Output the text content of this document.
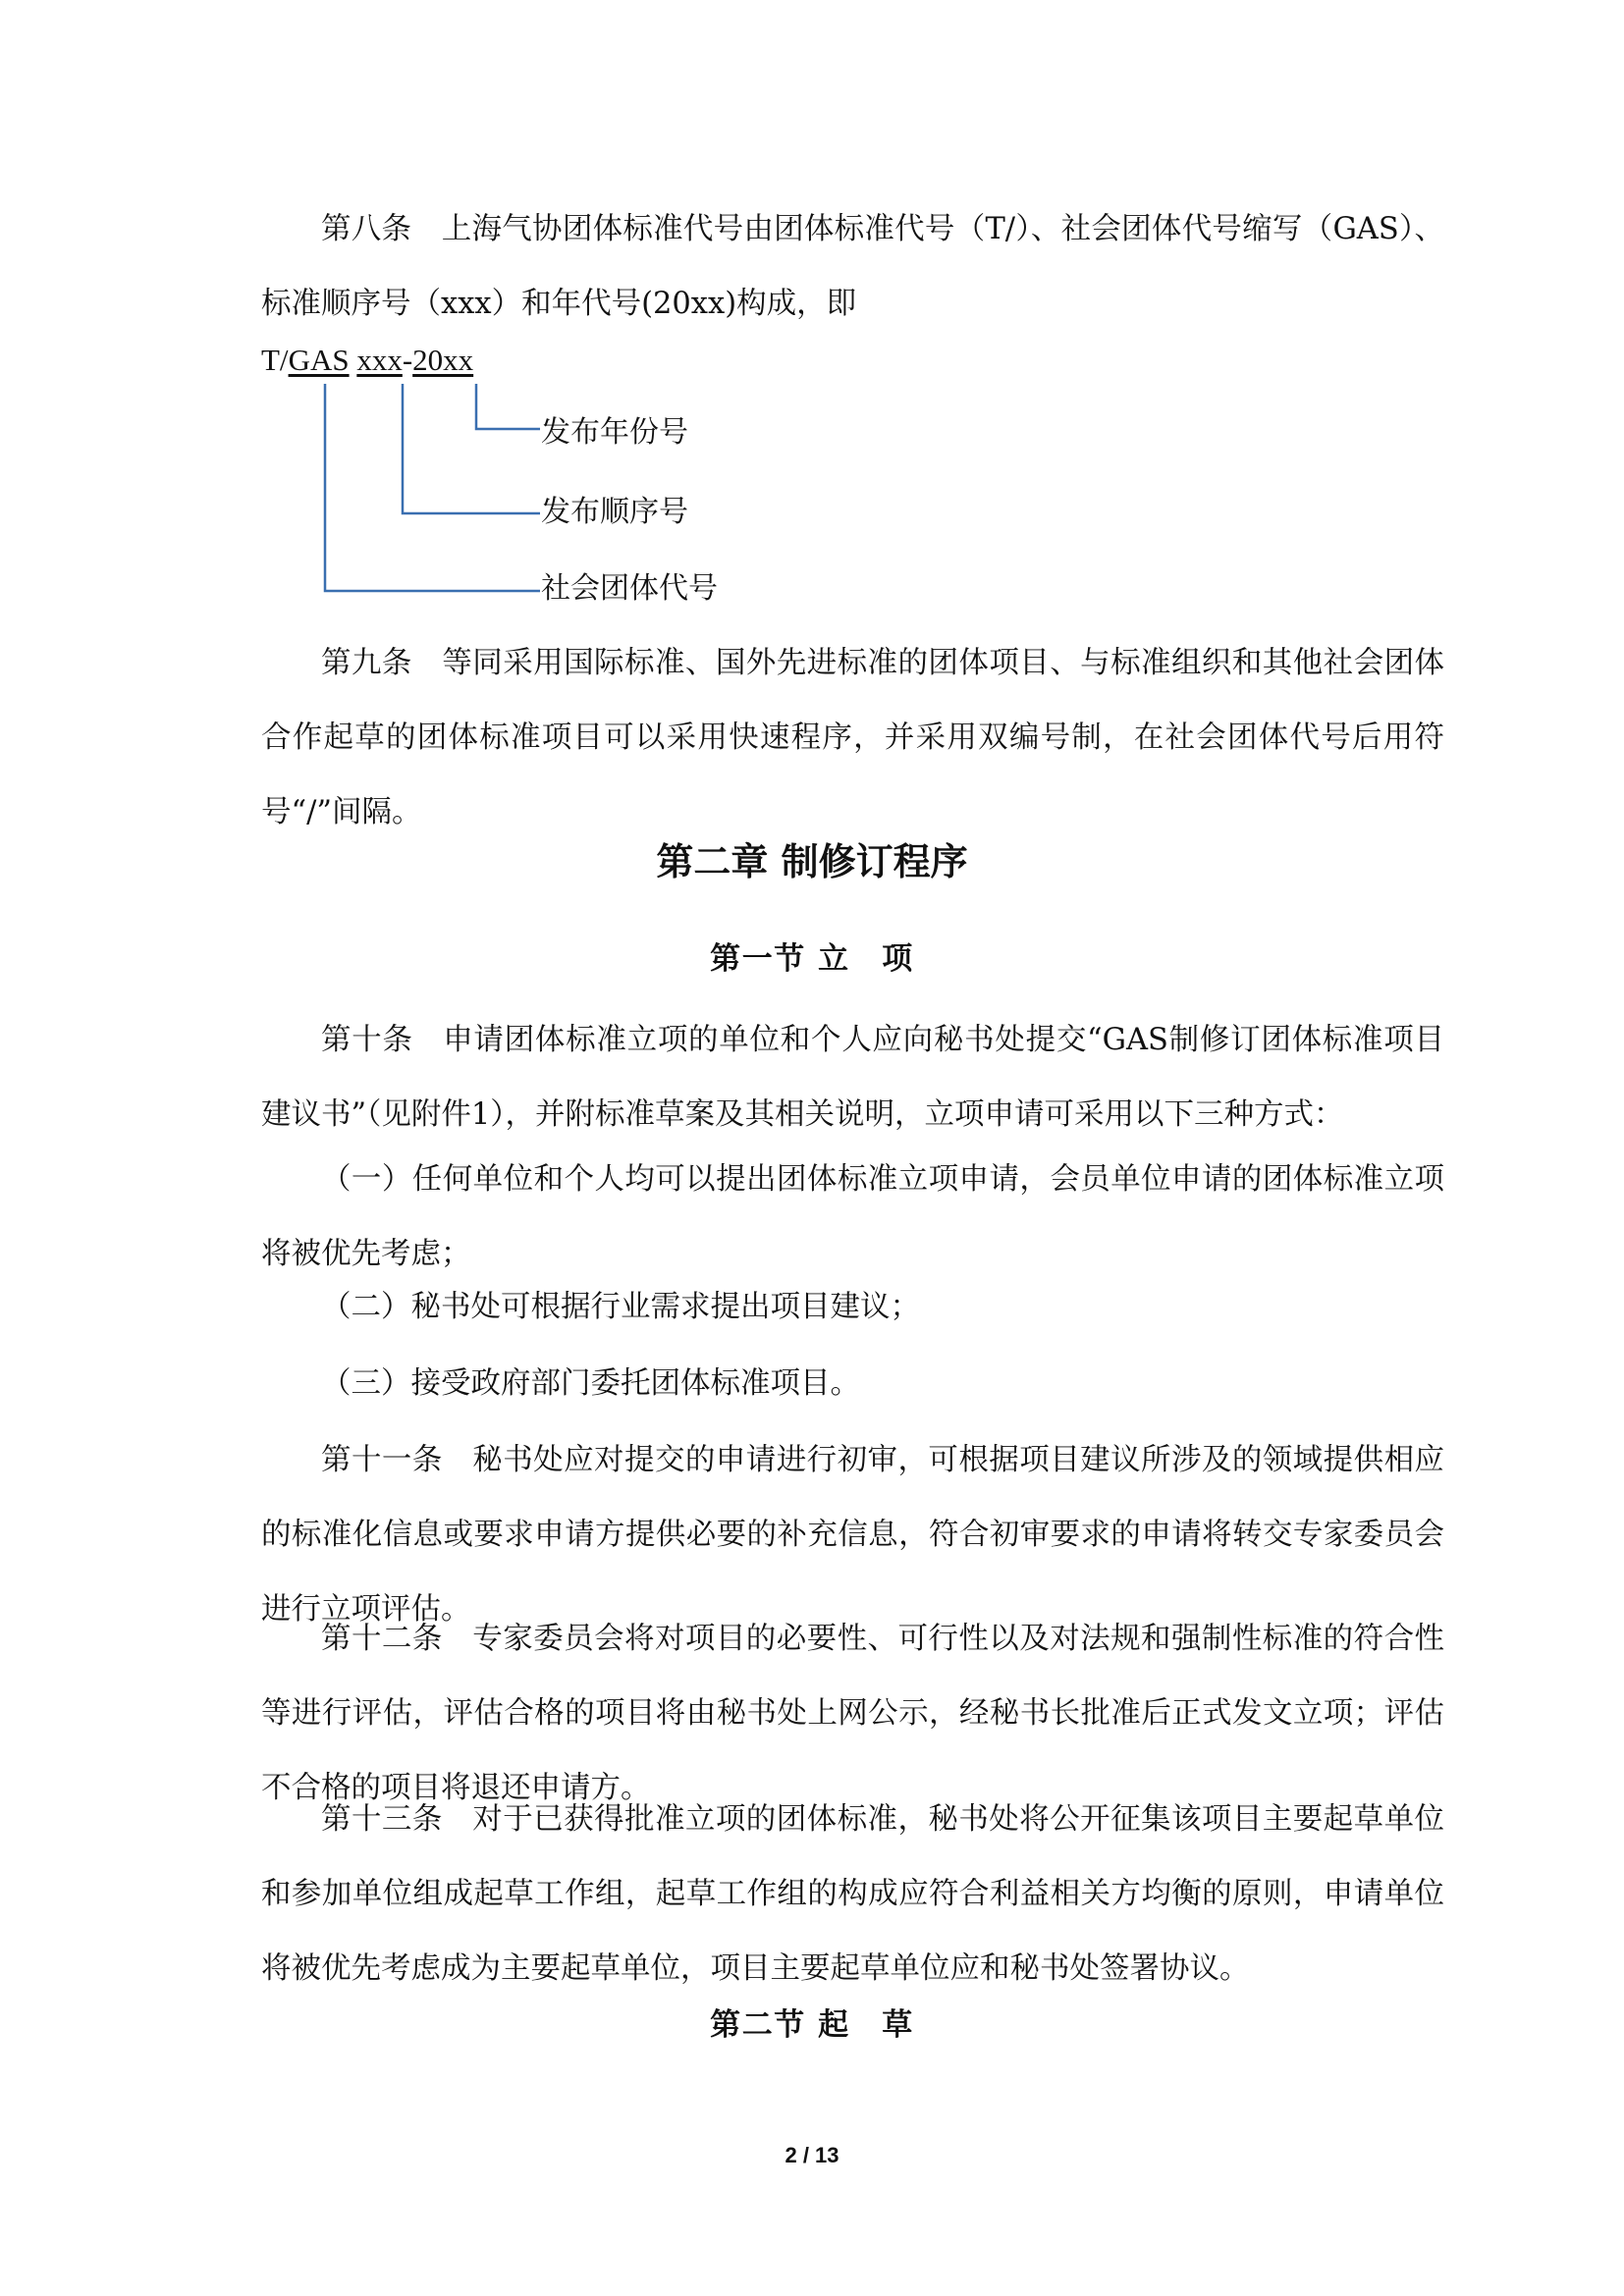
第八条 上海气协团体标准代号由团体标准代号（T/）、社会团体代号缩写（GAS）、标准顺序号（xxx）和年代号(20xx)构成，即

T/GAS xxx-20xx
发布年份号
发布顺序号
社会团体代号

第九条 等同采用国际标准、国外先进标准的团体项目、与标准组织和其他社会团体合作起草的团体标准项目可以采用快速程序，并采用双编号制，在社会团体代号后用符号“/”间隔。

第二章 制修订程序
第一节 立　项

第十条 申请团体标准立项的单位和个人应向秘书处提交“GAS制修订团体标准项目建议书”（见附件1），并附标准草案及其相关说明，立项申请可采用以下三种方式：

（一）任何单位和个人均可以提出团体标准立项申请，会员单位申请的团体标准立项将被优先考虑；

（二）秘书处可根据行业需求提出项目建议；

（三）接受政府部门委托团体标准项目。

第十一条 秘书处应对提交的申请进行初审，可根据项目建议所涉及的领域提供相应的标准化信息或要求申请方提供必要的补充信息，符合初审要求的申请将转交专家委员会进行立项评估。

第十二条 专家委员会将对项目的必要性、可行性以及对法规和强制性标准的符合性等进行评估，评估合格的项目将由秘书处上网公示，经秘书长批准后正式发文立项；评估不合格的项目将退还申请方。

第十三条 对于已获得批准立项的团体标准，秘书处将公开征集该项目主要起草单位和参加单位组成起草工作组，起草工作组的构成应符合利益相关方均衡的原则，申请单位将被优先考虑成为主要起草单位，项目主要起草单位应和秘书处签署协议。

第二节 起　草
2 / 13
